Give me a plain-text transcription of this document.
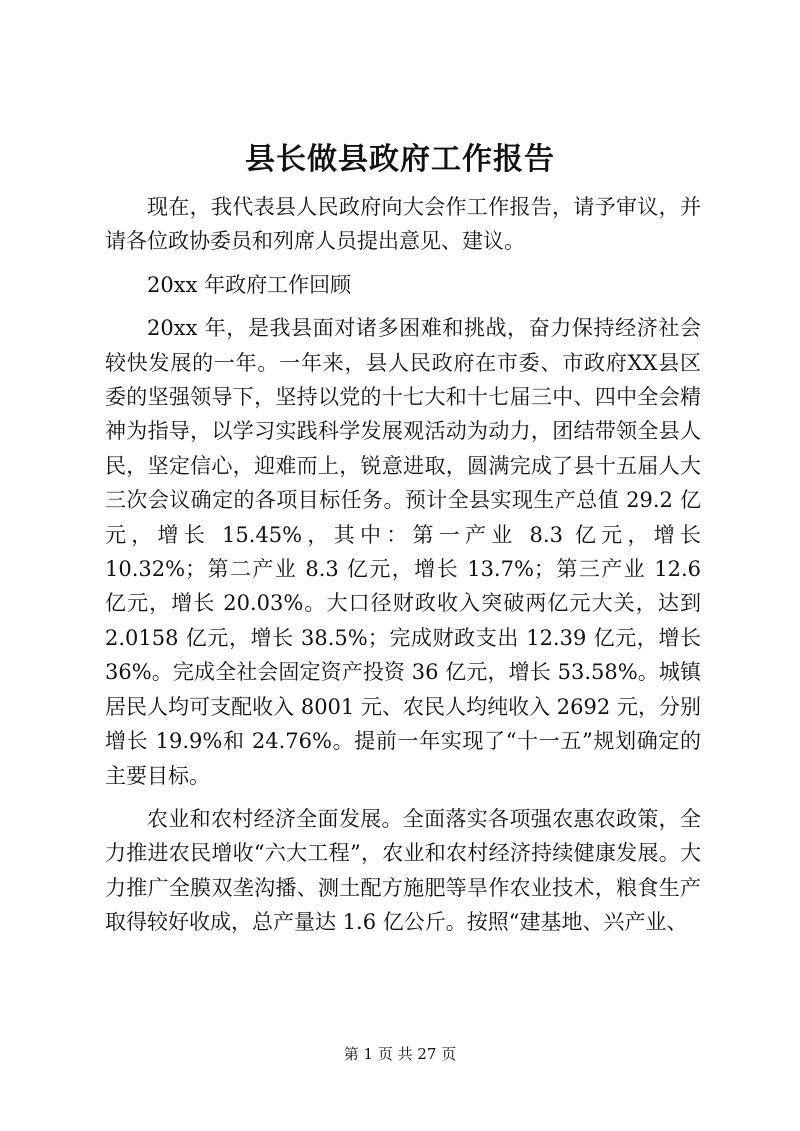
县长做县政府工作报告

现在，我代表县人民政府向大会作工作报告，请予审议，并请各位政协委员和列席人员提出意见、建议。

20xx 年政府工作回顾

20xx 年，是我县面对诸多困难和挑战，奋力保持经济社会较快发展的一年。一年来，县人民政府在市委、市政府XX县区委的坚强领导下，坚持以党的十七大和十七届三中、四中全会精神为指导，以学习实践科学发展观活动为动力，团结带领全县人民，坚定信心，迎难而上，锐意进取，圆满完成了县十五届人大三次会议确定的各项目标任务。预计全县实现生产总值 29.2 亿元，增长 15.45%，其中：第一产业 8.3 亿元，增长 10.32%；第二产业 8.3 亿元，增长 13.7%；第三产业 12.6 亿元，增长 20.03%。大口径财政收入突破两亿元大关，达到 2.0158 亿元，增长 38.5%；完成财政支出 12.39 亿元，增长 36%。完成全社会固定资产投资 36 亿元，增长 53.58%。城镇居民人均可支配收入 8001 元、农民人均纯收入 2692 元，分别增长 19.9%和 24.76%。提前一年实现了“十一五”规划确定的主要目标。

农业和农村经济全面发展。全面落实各项强农惠农政策，全力推进农民增收“六大工程”，农业和农村经济持续健康发展。大力推广全膜双垄沟播、测土配方施肥等旱作农业技术，粮食生产取得较好收成，总产量达 1.6 亿公斤。按照“建基地、兴产业、

第 1 页 共 27 页
